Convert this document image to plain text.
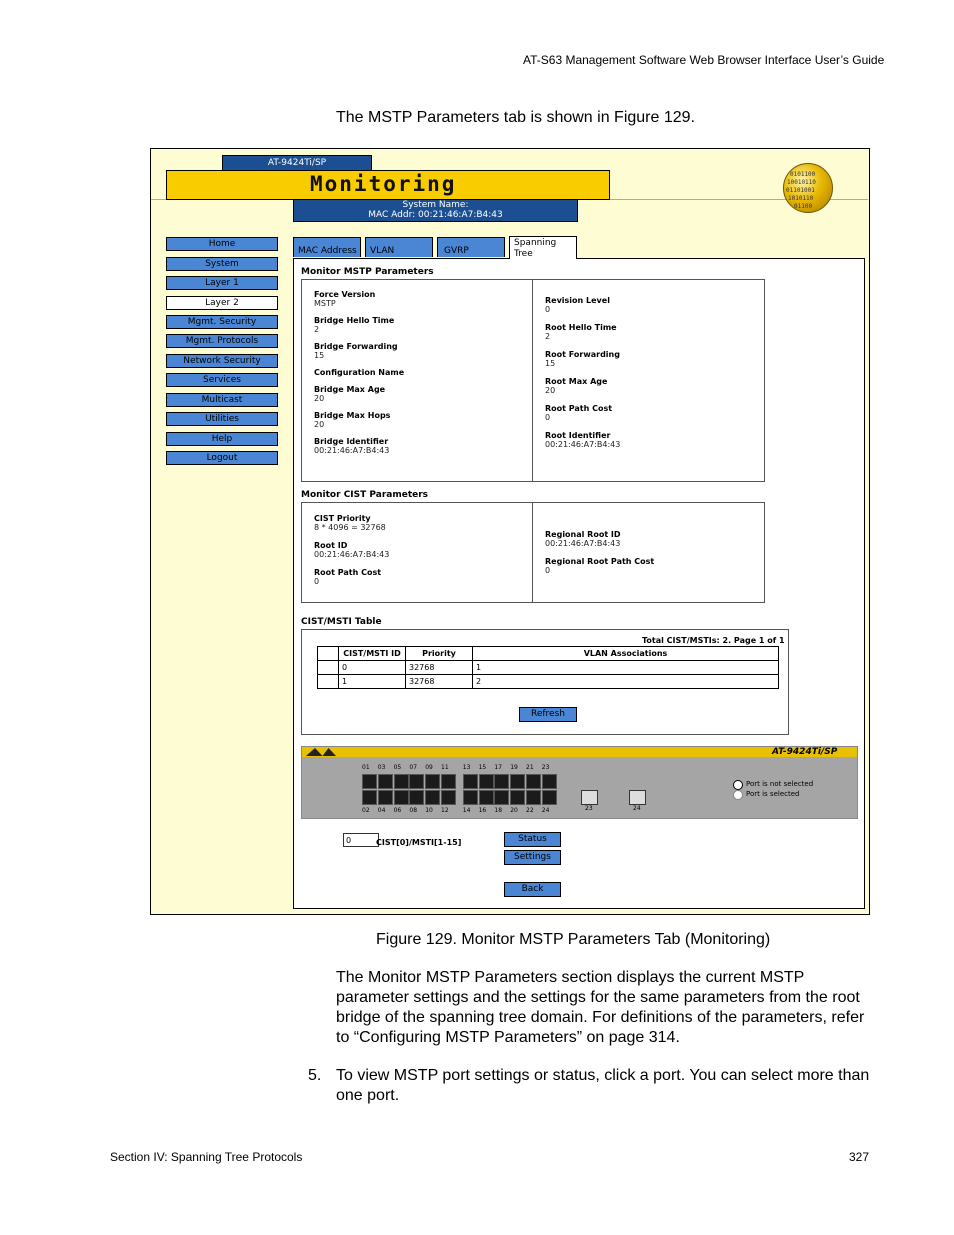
AT-S63 Management Software Web Browser Interface User’s Guide
The MSTP Parameters tab is shown in Figure 129.
AT-9424Ti/SP
Monitoring
System Name:
MAC Addr: 00:21:46:A7:B4:43
0101100
10010110
01101001
1010110
01100
Home
System
Layer 1
Layer 2
Mgmt. Security
Mgmt. Protocols
Network Security
Services
Multicast
Utilities
Help
Logout
MAC Address	VLAN	GVRP
Spanning Tree
Monitor MSTP Parameters
Force Version
MSTP
Bridge Hello Time
2
Bridge Forwarding
15
Configuration Name
Bridge Max Age
20
Bridge Max Hops
20
Bridge Identifier
00:21:46:A7:B4:43
Revision Level
0
Root Hello Time
2
Root Forwarding
15
Root Max Age
20
Root Path Cost
0
Root Identifier
00:21:46:A7:B4:43
Monitor CIST Parameters
CIST Priority
8 * 4096 = 32768
Root ID
00:21:46:A7:B4:43
Root Path Cost
0
Regional Root ID
00:21:46:A7:B4:43
Regional Root Path Cost
0
CIST/MSTI Table
Total CIST/MSTIs: 2. Page 1 of 1
	CIST/MSTI ID	Priority	VLAN Associations
	0	32768	1
	1	32768	2
Refresh
AT-9424Ti/SP
01 03 05 07 09 11 13 15 17 19 21 23
02 04 06 08 10 12 14 16 18 20 22 24	23	24
Port is not selected
Port is selected
0
CIST[0]/MSTI[1-15]	Status
Settings
Back
Figure 129. Monitor MSTP Parameters Tab (Monitoring)
The Monitor MSTP Parameters section displays the current MSTP parameter settings and the settings for the same parameters from the root bridge of the spanning tree domain. For definitions of the parameters, refer to “Configuring MSTP Parameters” on page 314.
5. To view MSTP port settings or status, click a port. You can select more than one port.
Section IV: Spanning Tree Protocols	327
